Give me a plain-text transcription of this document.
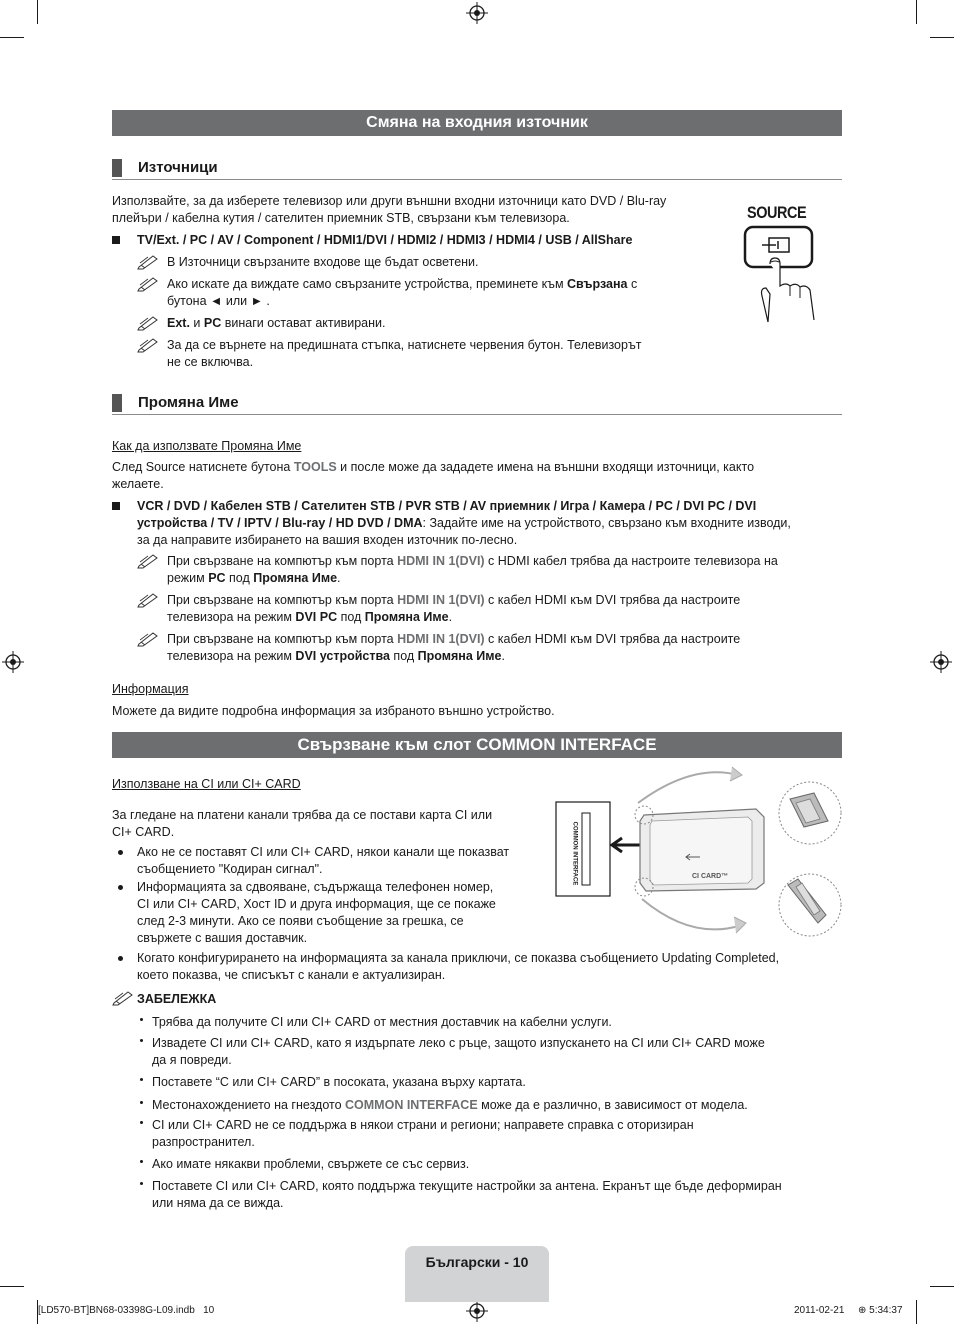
Смяна на входния източник
Източници
Използвайте, за да изберете телевизор или други външни входни източници като DVD / Blu-ray
плейъри / кабелна кутия / сателитен приемник STB, свързани към телевизора.
TV/Ext. / PC / AV / Component / HDMI1/DVI / HDMI2 / HDMI3 / HDMI4 / USB / AllShare
В Източници свързаните входове ще бъдат осветени.
Ако искате да виждате само свързаните устройства, преминете към Свързана с
бутона ◄ или ► .
Ext. и PC винаги остават активирани.
За да се върнете на предишната стъпка, натиснете червения бутон. Телевизорът
не се включва.
SOURCE
Промяна Име
Как да използвате Промяна Име
След Source натиснете бутона TOOLS и после може да зададете имена на външни входящи източници, както
желаете.
VCR / DVD / Кабелен STB / Сателитен STB / PVR STB / AV приемник / Игра / Камера / PC / DVI PC / DVI
устройства / TV / IPTV / Blu-ray / HD DVD / DMA: Задайте име на устройството, свързано към входните изводи,
за да направите избирането на вашия входен източник по-лесно.
При свързване на компютър към порта HDMI IN 1(DVI) с HDMI кабел трябва да настроите телевизора на
режим PC под Промяна Име.
При свързване на компютър към порта HDMI IN 1(DVI) с кабел HDMI към DVI трябва да настроите
телевизора на режим DVI PC под Промяна Име.
При свързване на компютър към порта HDMI IN 1(DVI) с кабел HDMI към DVI трябва да настроите
телевизора на режим DVI устройства под Промяна Име.
Информация
Можете да видите подробна информация за избраното външно устройство.
Свързване към слот COMMON INTERFACE
Използване на CI или CI+ CARD
За гледане на платени канали трябва да се постави карта CI или
CI+ CARD.
Ако не се поставят CI или CI+ CARD, някои канали ще показват
съобщението "Кодиран сигнал".
Информацията за сдвояване, съдържаща телефонен номер,
CI или CI+ CARD, Хост ID и друга информация, ще се покаже
след 2-3 минути. Ако се появи съобщение за грешка, се
свържете с вашия доставчик.
Когато конфигурирането на информацията за канала приключи, се показва съобщението Updating Completed,
което показва, че списъкът с канали е актуализиран.
ЗАБЕЛЕЖКА
Трябва да получите CI или CI+ CARD от местния доставчик на кабелни услуги.
Извадете CI или CI+ CARD, като я издърпате леко с ръце, защото изпускането на CI или CI+ CARD може
да я повреди.
Поставете “C или CI+ CARD” в посоката, указана върху картата.
Местонахождението на гнездото COMMON INTERFACE може да е различно, в зависимост от модела.
CI или CI+ CARD не се поддържа в някои страни и региони; направете справка с оторизиран
разпространител.
Ако имате някакви проблеми, свържете се със сервиз.
Поставете CI или CI+ CARD, която поддържа текущите настройки за антена. Екранът ще бъде деформиран
или няма да се вижда.
COMMON INTERFACE	CI CARD™
Български - 10
[LD570-BT]BN68-03398G-L09.indb   10	2011-02-21 ⊕ 5:34:37
